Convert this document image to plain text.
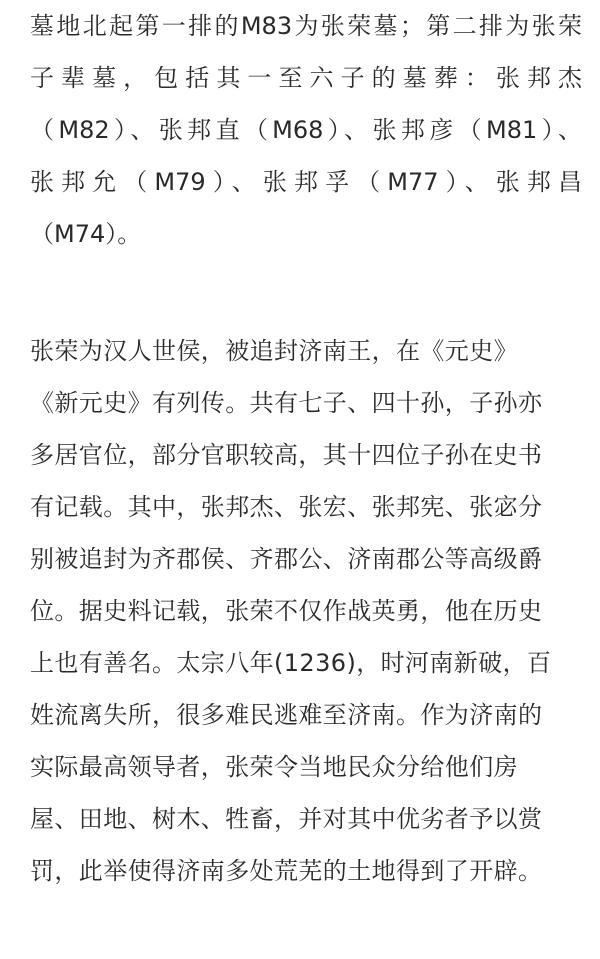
墓地北起第一排的M83为张荣墓；第二排为张荣
子辈墓，包括其一至六子的墓葬：张邦杰
（M82）、张邦直（M68）、张邦彦（M81）、
张邦允（M79）、张邦孚（M77）、张邦昌
（M74）。
张荣为汉人世侯，被追封济南王，在《元史》
《新元史》有列传。共有七子、四十孙，子孙亦
多居官位，部分官职较高，其十四位子孙在史书
有记载。其中，张邦杰、张宏、张邦宪、张宓分
别被追封为齐郡侯、齐郡公、济南郡公等高级爵
位。据史料记载，张荣不仅作战英勇，他在历史
上也有善名。太宗八年(1236)，时河南新破，百
姓流离失所，很多难民逃难至济南。作为济南的
实际最高领导者，张荣令当地民众分给他们房
屋、田地、树木、牲畜，并对其中优劣者予以赏
罚，此举使得济南多处荒芜的土地得到了开辟。
